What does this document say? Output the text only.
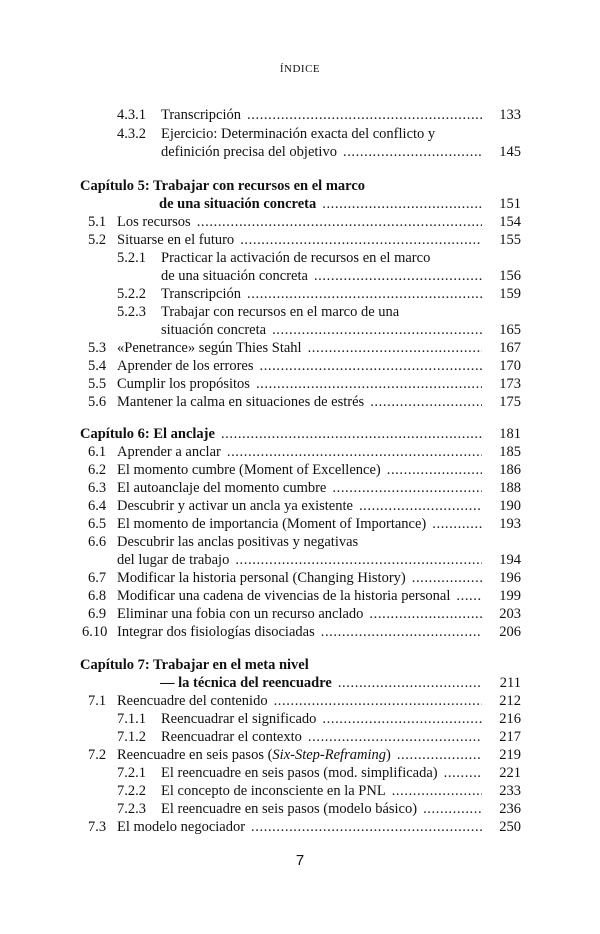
ÍNDICE
4.3.1 Transcripción .....	133
4.3.2 Ejercicio: Determinación exacta del conflicto y
definición precisa del objetivo .....	145
Capítulo 5: Trabajar con recursos en el marco
de una situación concreta .....	151
5.1 Los recursos .....	154
5.2 Situarse en el futuro .....	155
5.2.1 Practicar la activación de recursos en el marco
de una situación concreta .....	156
5.2.2 Transcripción .....	159
5.2.3 Trabajar con recursos en el marco de una
situación concreta .....	165
5.3 «Penetrance» según Thies Stahl .....	167
5.4 Aprender de los errores .....	170
5.5 Cumplir los propósitos .....	173
5.6 Mantener la calma en situaciones de estrés .....	175
Capítulo 6: El anclaje .....	181
6.1 Aprender a anclar .....	185
6.2 El momento cumbre (Moment of Excellence) .....	186
6.3 El autoanclaje del momento cumbre .....	188
6.4 Descubrir y activar un ancla ya existente .....	190
6.5 El momento de importancia (Moment of Importance) .....	193
6.6 Descubrir las anclas positivas y negativas
del lugar de trabajo .....	194
6.7 Modificar la historia personal (Changing History) .....	196
6.8 Modificar una cadena de vivencias de la historia personal .....	199
6.9 Eliminar una fobia con un recurso anclado .....	203
6.10 Integrar dos fisiologías disociadas .....	206
Capítulo 7: Trabajar en el meta nivel
— la técnica del reencuadre .....	211
7.1 Reencuadre del contenido .....	212
7.1.1 Reencuadrar el significado .....	216
7.1.2 Reencuadrar el contexto .....	217
7.2 Reencuadre en seis pasos (Six-Step-Reframing) .....	219
7.2.1 El reencuadre en seis pasos (mod. simplificada) .....	221
7.2.2 El concepto de inconsciente en la PNL .....	233
7.2.3 El reencuadre en seis pasos (modelo básico) .....	236
7.3 El modelo negociador .....	250
7
